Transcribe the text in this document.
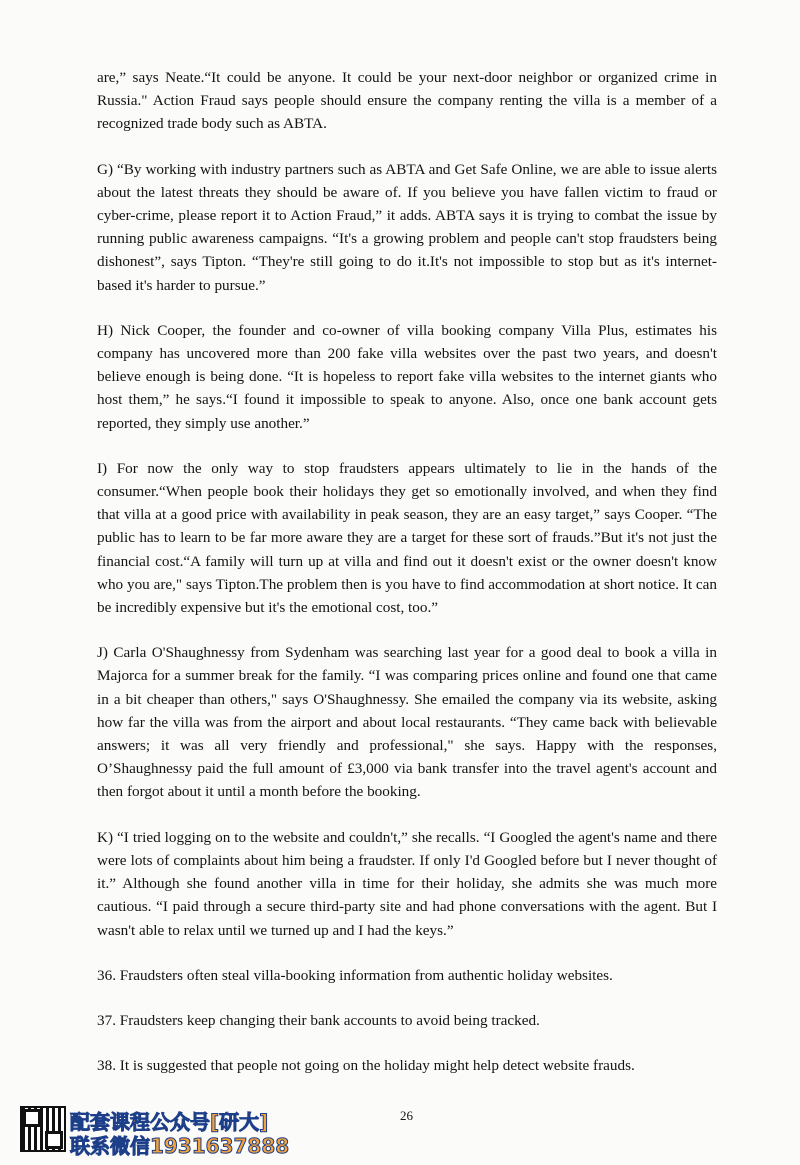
are,” says Neate.“It could be anyone. It could be your next-door neighbor or organized crime in Russia." Action Fraud says people should ensure the company renting the villa is a member of a recognized trade body such as ABTA.

G) “By working with industry partners such as ABTA and Get Safe Online, we are able to issue alerts about the latest threats they should be aware of. If you believe you have fallen victim to fraud or cyber-crime, please report it to Action Fraud,” it adds. ABTA says it is trying to combat the issue by running public awareness campaigns. “It's a growing problem and people can't stop fraudsters being dishonest”, says Tipton. “They're still going to do it.It's not impossible to stop but as it's internet-based it's harder to pursue.”

H) Nick Cooper, the founder and co-owner of villa booking company Villa Plus, estimates his company has uncovered more than 200 fake villa websites over the past two years, and doesn't believe enough is being done. “It is hopeless to report fake villa websites to the internet giants who host them,” he says.“I found it impossible to speak to anyone. Also, once one bank account gets reported, they simply use another.”

I) For now the only way to stop fraudsters appears ultimately to lie in the hands of the consumer.“When people book their holidays they get so emotionally involved, and when they find that villa at a good price with availability in peak season, they are an easy target,” says Cooper. “The public has to learn to be far more aware they are a target for these sort of frauds.”But it's not just the financial cost.“A family will turn up at villa and find out it doesn't exist or the owner doesn't know who you are," says Tipton.The problem then is you have to find accommodation at short notice. It can be incredibly expensive but it's the emotional cost, too.”

J) Carla O'Shaughnessy from Sydenham was searching last year for a good deal to book a villa in Majorca for a summer break for the family. “I was comparing prices online and found one that came in a bit cheaper than others," says O'Shaughnessy. She emailed the company via its website, asking how far the villa was from the airport and about local restaurants. “They came back with believable answers; it was all very friendly and professional," she says. Happy with the responses, O’Shaughnessy paid the full amount of £3,000 via bank transfer into the travel agent's account and then forgot about it until a month before the booking.

K) “I tried logging on to the website and couldn't,” she recalls. “I Googled the agent's name and there were lots of complaints about him being a fraudster. If only I'd Googled before but I never thought of it.” Although she found another villa in time for their holiday, she admits she was much more cautious. “I paid through a secure third-party site and had phone conversations with the agent. But I wasn't able to relax until we turned up and I had the keys.”

36. Fraudsters often steal villa-booking information from authentic holiday websites.

37. Fraudsters keep changing their bank accounts to avoid being tracked.

38. It is suggested that people not going on the holiday might help detect website frauds.

26
配套课程公众号[研大]
联系微信1931637888
